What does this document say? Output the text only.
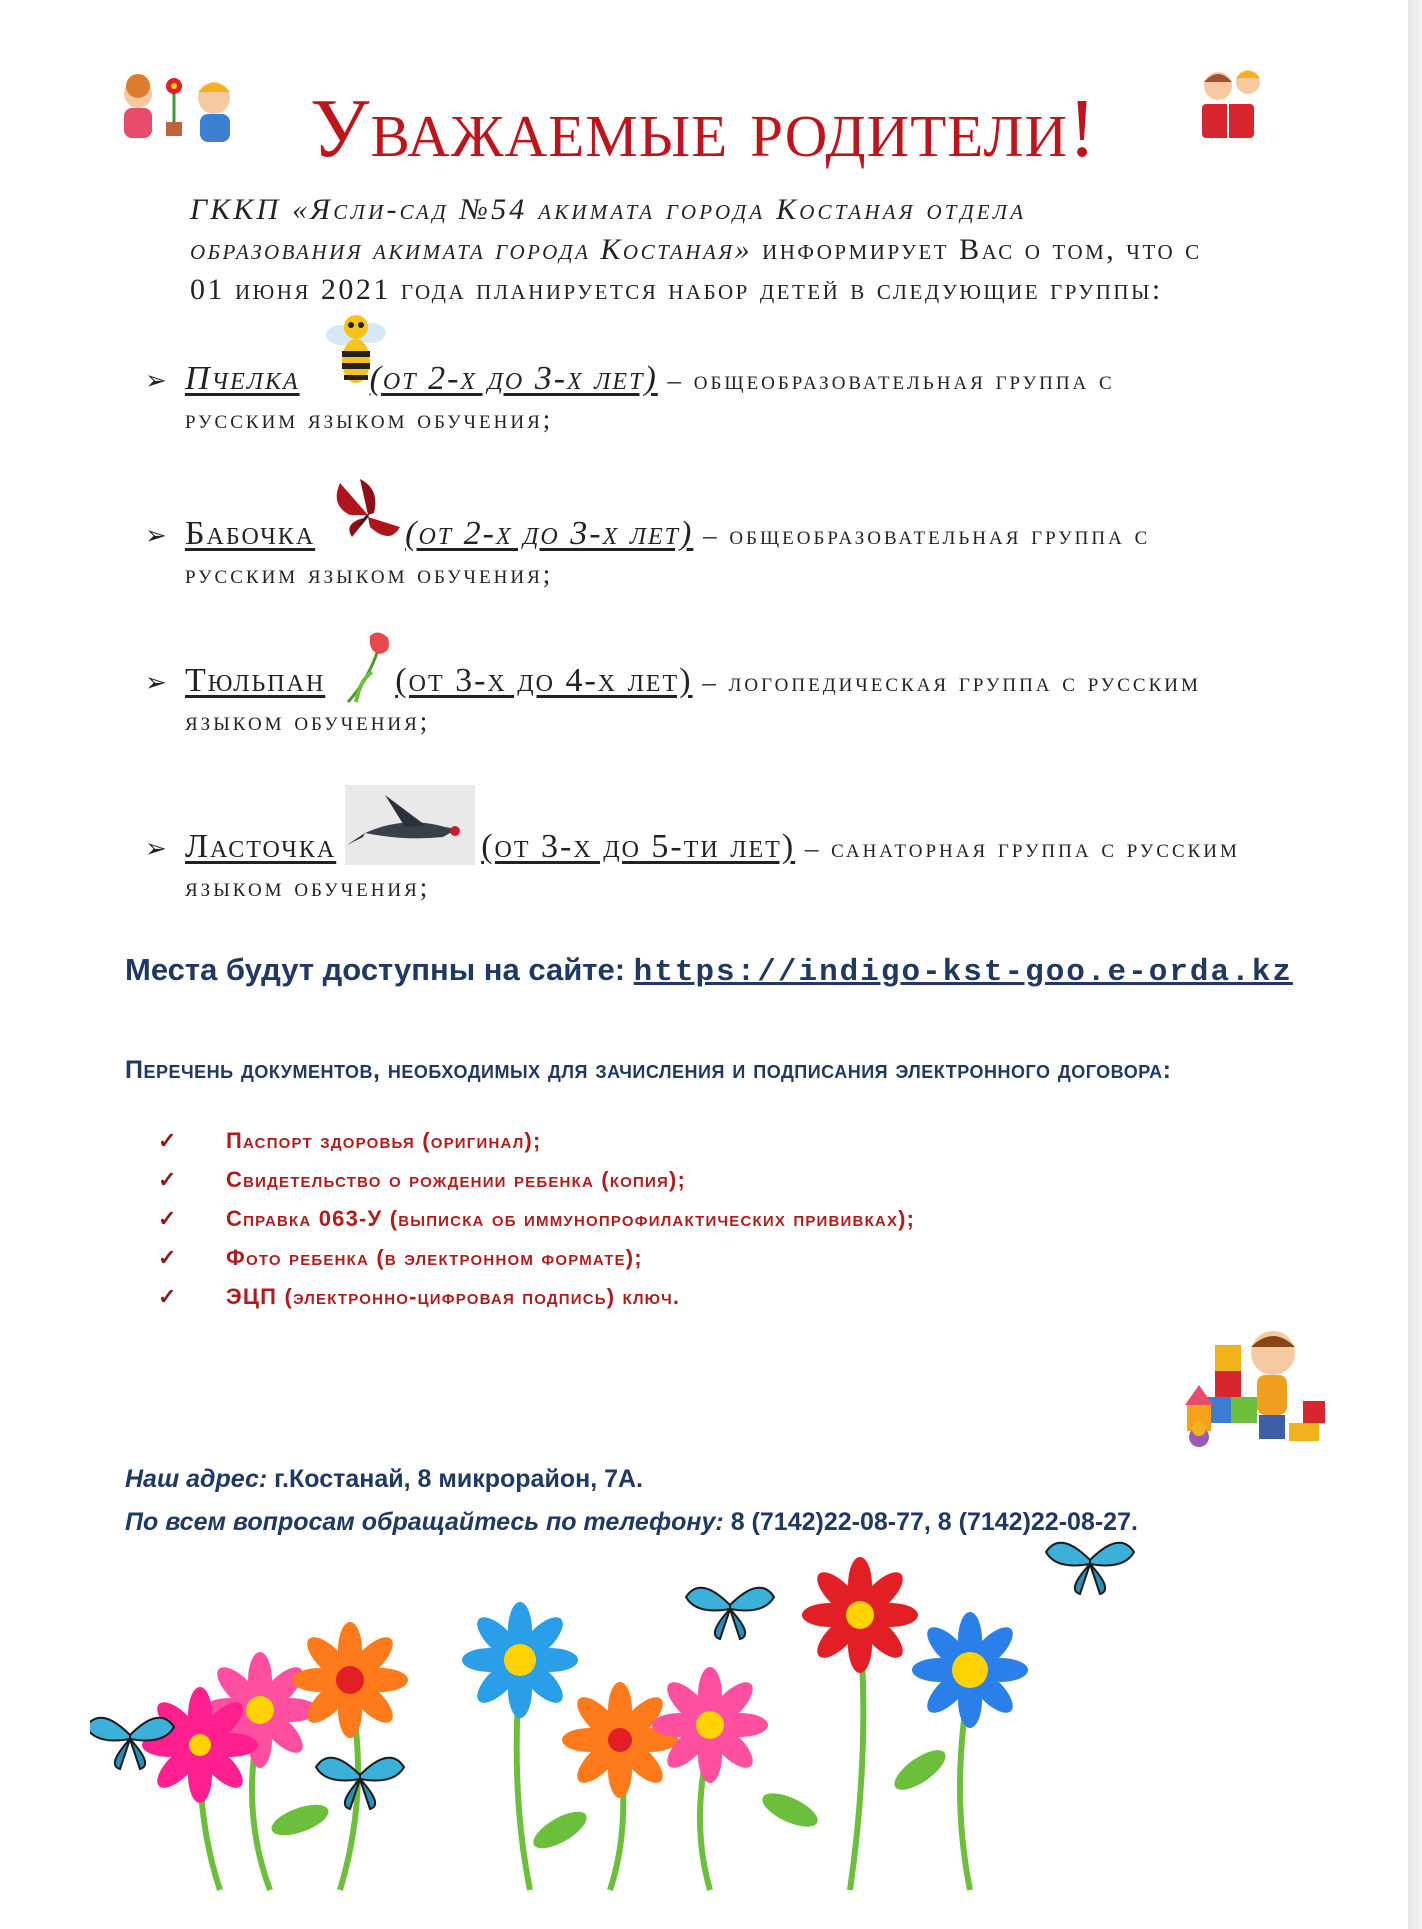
Уважаемые родители!
ГККП «Ясли-сад №54 акимата города Костаная отдела
образования акимата города Костаная» информирует Вас о том, что с
01 июня 2021 года планируется набор детей в следующие группы:
➢ Пчелка (от 2-х до 3-х лет) – общеобразовательная группа с
русским языком обучения;
➢ Бабочка	(от 2-х до 3-х лет) – общеобразовательная группа с
русским языком обучения;
➢ Тюльпан (от 3-х до 4-х лет) – логопедическая группа с русским
языком обучения;
➢ Ласточка	(от 3-х до 5-ти лет) – санаторная группа с русским
языком обучения;
Места будут доступны на сайте: https://indigo-kst-goo.e-orda.kz
Перечень документов, необходимых для зачисления и подписания электронного договора:
✓ Паспорт здоровья (оригинал);
✓ Свидетельство о рождении ребенка (копия);
✓ Справка 063-У (выписка об иммунопрофилактических прививках);
✓ Фото ребенка (в электронном формате);
✓ ЭЦП (электронно-цифровая подпись) ключ.
Наш адрес: г.Костанай, 8 микрорайон, 7А.
По всем вопросам обращайтесь по телефону: 8 (7142)22-08-77, 8 (7142)22-08-27.
